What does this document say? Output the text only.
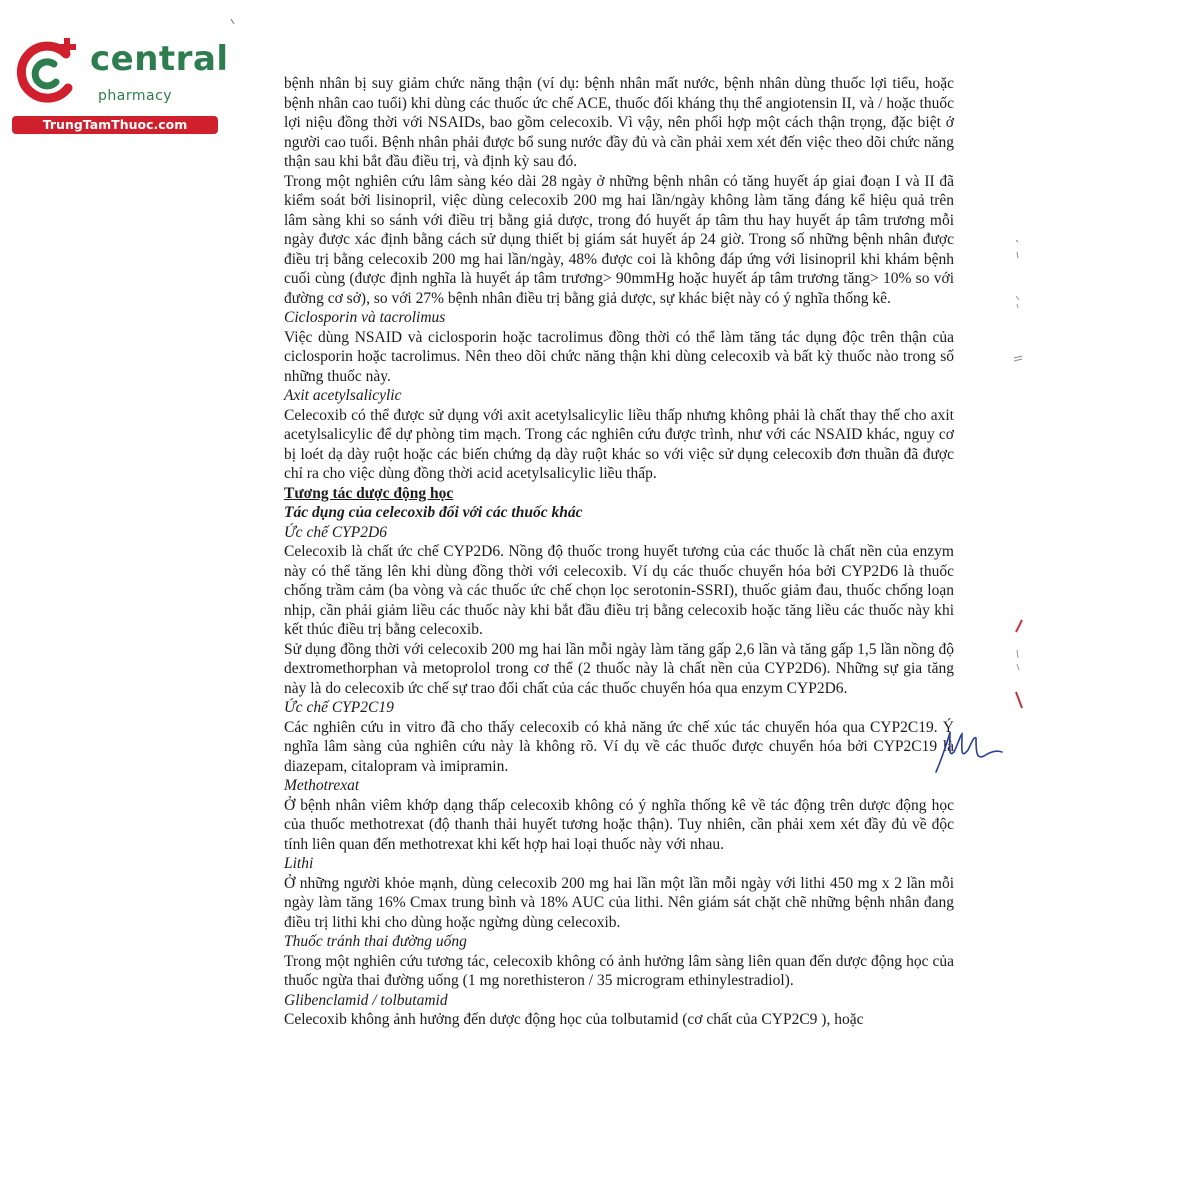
central
pharmacy
TrungTamThuoc.com

bệnh nhân bị suy giảm chức năng thận (ví dụ: bệnh nhân mất nước, bệnh nhân dùng thuốc lợi tiểu, hoặc bệnh nhân cao tuổi) khi dùng các thuốc ức chế ACE, thuốc đối kháng thụ thể angiotensin II, và / hoặc thuốc lợi niệu đồng thời với NSAIDs, bao gồm celecoxib. Vì vậy, nên phối hợp một cách thận trọng, đặc biệt ở người cao tuổi. Bệnh nhân phải được bổ sung nước đầy đủ và cần phải xem xét đến việc theo dõi chức năng thận sau khi bắt đầu điều trị, và định kỳ sau đó.

Trong một nghiên cứu lâm sàng kéo dài 28 ngày ở những bệnh nhân có tăng huyết áp giai đoạn I và II đã kiểm soát bởi lisinopril, việc dùng celecoxib 200 mg hai lần/ngày không làm tăng đáng kể hiệu quả trên lâm sàng khi so sánh với điều trị bằng giả dược, trong đó huyết áp tâm thu hay huyết áp tâm trương mỗi ngày được xác định bằng cách sử dụng thiết bị giám sát huyết áp 24 giờ. Trong số những bệnh nhân được điều trị bằng celecoxib 200 mg hai lần/ngày, 48% được coi là không đáp ứng với lisinopril khi khám bệnh cuối cùng (được định nghĩa là huyết áp tâm trương> 90mmHg hoặc huyết áp tâm trương tăng> 10% so với đường cơ sở), so với 27% bệnh nhân điều trị bằng giả dược, sự khác biệt này có ý nghĩa thống kê.

Ciclosporin và tacrolimus

Việc dùng NSAID và ciclosporin hoặc tacrolimus đồng thời có thể làm tăng tác dụng độc trên thận của ciclosporin hoặc tacrolimus. Nên theo dõi chức năng thận khi dùng celecoxib và bất kỳ thuốc nào trong số những thuốc này.

Axit acetylsalicylic

Celecoxib có thể được sử dụng với axit acetylsalicylic liều thấp nhưng không phải là chất thay thế cho axit acetylsalicylic để dự phòng tim mạch. Trong các nghiên cứu được trình, như với các NSAID khác, nguy cơ bị loét dạ dày ruột hoặc các biến chứng dạ dày ruột khác so với việc sử dụng celecoxib đơn thuần đã được chỉ ra cho việc dùng đồng thời acid acetylsalicylic liều thấp.

Tương tác dược động học

Tác dụng của celecoxib đối với các thuốc khác

Ức chế CYP2D6

Celecoxib là chất ức chế CYP2D6. Nồng độ thuốc trong huyết tương của các thuốc là chất nền của enzym này có thể tăng lên khi dùng đồng thời với celecoxib. Ví dụ các thuốc chuyển hóa bởi CYP2D6 là thuốc chống trầm cảm (ba vòng và các thuốc ức chế chọn lọc serotonin-SSRI), thuốc giảm đau, thuốc chống loạn nhịp, cần phải giảm liều các thuốc này khi bắt đầu điều trị bằng celecoxib hoặc tăng liều các thuốc này khi kết thúc điều trị bằng celecoxib.

Sử dụng đồng thời với celecoxib 200 mg hai lần mỗi ngày làm tăng gấp 2,6 lần và tăng gấp 1,5 lần nồng độ dextromethorphan và metoprolol trong cơ thể (2 thuốc này là chất nền của CYP2D6). Những sự gia tăng này là do celecoxib ức chế sự trao đổi chất của các thuốc chuyển hóa qua enzym CYP2D6.

Ức chế CYP2C19

Các nghiên cứu in vitro đã cho thấy celecoxib có khả năng ức chế xúc tác chuyển hóa qua CYP2C19. Ý nghĩa lâm sàng của nghiên cứu này là không rõ. Ví dụ về các thuốc được chuyển hóa bởi CYP2C19 là diazepam, citalopram và imipramin.

Methotrexat

Ở bệnh nhân viêm khớp dạng thấp celecoxib không có ý nghĩa thống kê về tác động trên dược động học của thuốc methotrexat (độ thanh thải huyết tương hoặc thận). Tuy nhiên, cần phải xem xét đầy đủ về độc tính liên quan đến methotrexat khi kết hợp hai loại thuốc này với nhau.

Lithi

Ở những người khỏe mạnh, dùng celecoxib 200 mg hai lần một lần mỗi ngày với lithi 450 mg x 2 lần mỗi ngày làm tăng 16% Cmax trung bình và 18% AUC của lithi. Nên giám sát chặt chẽ những bệnh nhân đang điều trị lithi khi cho dùng hoặc ngừng dùng celecoxib.

Thuốc tránh thai đường uống

Trong một nghiên cứu tương tác, celecoxib không có ảnh hưởng lâm sàng liên quan đến dược động học của thuốc ngừa thai đường uống (1 mg norethisteron / 35 microgram ethinylestradiol).

Glibenclamid / tolbutamid

Celecoxib không ảnh hưởng đến dược động học của tolbutamid (cơ chất của CYP2C9 ), hoặc
